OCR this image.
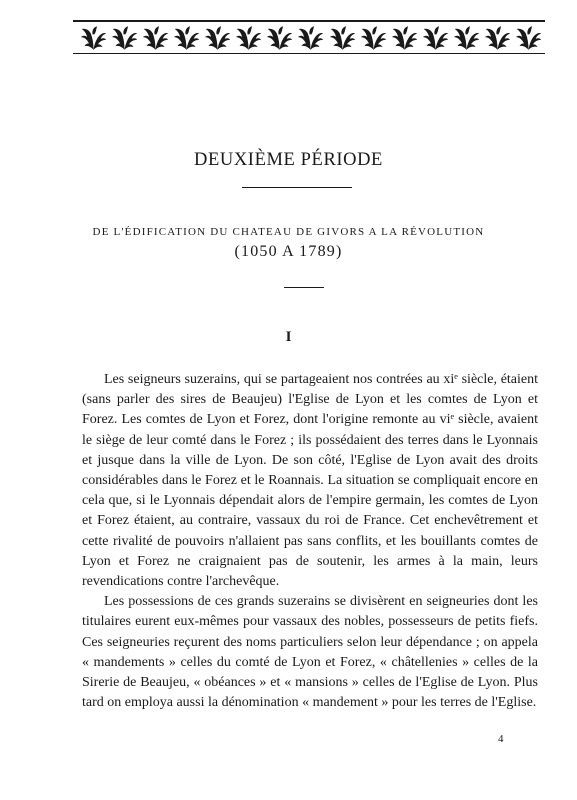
DEUXIÈME PÉRIODE
DE L'ÉDIFICATION DU CHATEAU DE GIVORS A LA RÉVOLUTION
(1050 A 1789)
I

Les seigneurs suzerains, qui se partageaient nos contrées au xiᵉ siècle, étaient (sans parler des sires de Beaujeu) l'Eglise de Lyon et les comtes de Lyon et Forez. Les comtes de Lyon et Forez, dont l'origine remonte au viᵉ siècle, avaient le siège de leur comté dans le Forez ; ils possédaient des terres dans le Lyonnais et jusque dans la ville de Lyon. De son côté, l'Eglise de Lyon avait des droits considérables dans le Forez et le Roannais. La situation se compliquait encore en cela que, si le Lyonnais dépendait alors de l'empire germain, les comtes de Lyon et Forez étaient, au contraire, vassaux du roi de France. Cet enchevêtrement et cette rivalité de pouvoirs n'allaient pas sans conflits, et les bouillants comtes de Lyon et Forez ne craignaient pas de soutenir, les armes à la main, leurs revendications contre l'archevêque.

Les possessions de ces grands suzerains se divisèrent en seigneuries dont les titulaires eurent eux-mêmes pour vassaux des nobles, possesseurs de petits fiefs. Ces seigneuries reçurent des noms particuliers selon leur dépendance ; on appela « mandements » celles du comté de Lyon et Forez, « châtellenies » celles de la Sirerie de Beaujeu, « obéances » et « mansions » celles de l'Eglise de Lyon. Plus tard on employa aussi la dénomination « mandement » pour les terres de l'Eglise.

4
